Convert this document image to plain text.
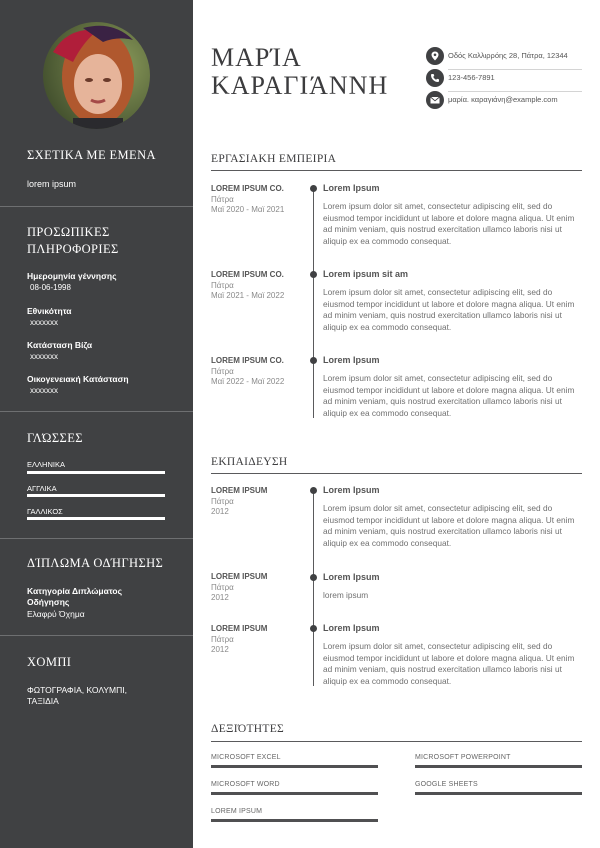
ΣΧΕΤΙΚΑ ΜΕ ΕΜΕΝΑ
lorem ipsum
ΠΡΟΣΩΠΙΚΕΣ
ΠΛΗΡΟΦΟΡΙΕΣ
Ημερομηνία γέννησης
08-06-1998
Εθνικότητα
xxxxxxx
Κατάσταση Βίζα
xxxxxxx
Οικογενειακή Κατάσταση
xxxxxxx
ΓΛΏΣΣΕΣ
ΕΛΛΗΝΙΚΑ
ΑΓΓΛΙΚΑ
ΓΑΛΛΙΚΟΣ
ΔΊΠΛΩΜΑ ΟΔΉΓΗΣΗΣ
Κατηγορία Διπλώματος
Οδήγησης
Ελαφρύ Όχημα
ΧΟΜΠΙ
ΦΩΤΟΓΡΑΦΙΑ, ΚΟΛΥΜΠΙ,
ΤΑΞΙΔΙΑ
ΜΑΡΊΑ
ΚΑΡΑΓΙΆΝΝΗ
Οδός Καλλιρρόης 28, Πάτρα, 12344
123-456-7891
μαρία. καραγιάνη@example.com
ΕΡΓΑΣΙΑΚΗ ΕΜΠΕΙΡΙΑ
LOREM IPSUM CO.
Πάτρα
Μαϊ 2020 - Μαϊ 2021
Lorem Ipsum
Lorem ipsum dolor sit amet, consectetur adipiscing elit, sed do eiusmod tempor incididunt ut labore et dolore magna aliqua. Ut enim ad minim veniam, quis nostrud exercitation ullamco laboris nisi ut aliquip ex ea commodo consequat.
LOREM IPSUM CO.
Πάτρα
Μαϊ 2021 - Μαϊ 2022
Lorem ipsum sit am
Lorem ipsum dolor sit amet, consectetur adipiscing elit, sed do eiusmod tempor incididunt ut labore et dolore magna aliqua. Ut enim ad minim veniam, quis nostrud exercitation ullamco laboris nisi ut aliquip ex ea commodo consequat.
LOREM IPSUM CO.
Πάτρα
Μαϊ 2022 - Μαϊ 2022
Lorem Ipsum
Lorem ipsum dolor sit amet, consectetur adipiscing elit, sed do eiusmod tempor incididunt ut labore et dolore magna aliqua. Ut enim ad minim veniam, quis nostrud exercitation ullamco laboris nisi ut aliquip ex ea commodo consequat.
ΕΚΠΑΙΔΕΥΣΗ
LOREM IPSUM
Πάτρα
2012
Lorem Ipsum
Lorem ipsum dolor sit amet, consectetur adipiscing elit, sed do eiusmod tempor incididunt ut labore et dolore magna aliqua. Ut enim ad minim veniam, quis nostrud exercitation ullamco laboris nisi ut aliquip ex ea commodo consequat.
LOREM IPSUM
Πάτρα
2012
Lorem Ipsum
lorem ipsum
LOREM IPSUM
Πάτρα
2012
Lorem Ipsum
Lorem ipsum dolor sit amet, consectetur adipiscing elit, sed do eiusmod tempor incididunt ut labore et dolore magna aliqua. Ut enim ad minim veniam, quis nostrud exercitation ullamco laboris nisi ut aliquip ex ea commodo consequat.
ΔΕΞΙΌΤΗΤΕΣ
MICROSOFT EXCEL	MICROSOFT POWERPOINT
MICROSOFT WORD	GOOGLE SHEETS
LOREM IPSUM
